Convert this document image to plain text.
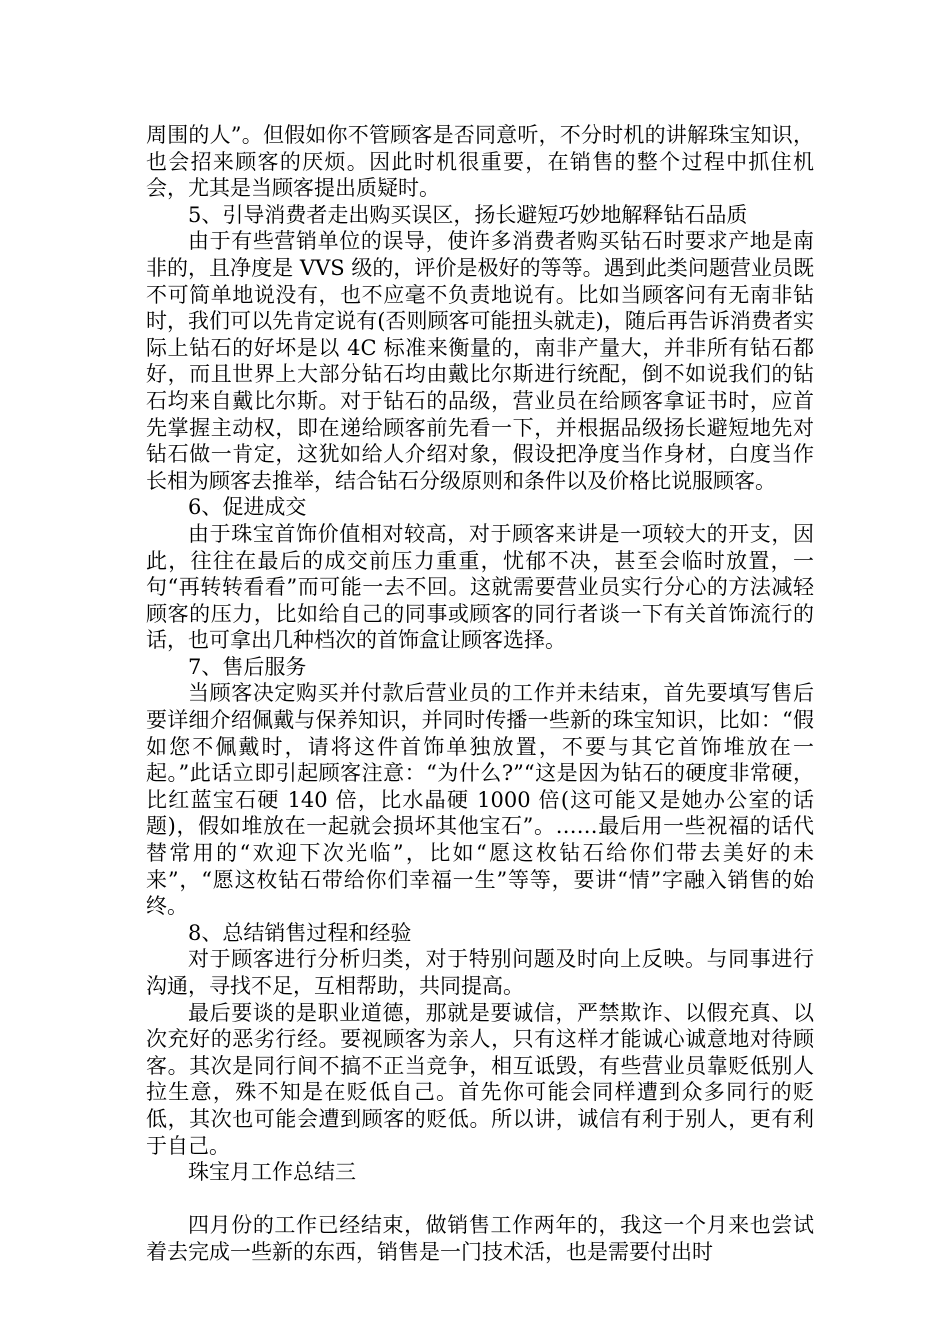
周围的人”。但假如你不管顾客是否同意听，不分时机的讲解珠宝知识，也会招来顾客的厌烦。因此时机很重要，在销售的整个过程中抓住机会，尤其是当顾客提出质疑时。

5、引导消费者走出购买误区，扬长避短巧妙地解释钻石品质

由于有些营销单位的误导，使许多消费者购买钻石时要求产地是南非的，且净度是 VVS 级的，评价是极好的等等。遇到此类问题营业员既不可简单地说没有，也不应毫不负责地说有。比如当顾客问有无南非钻时，我们可以先肯定说有(否则顾客可能扭头就走)，随后再告诉消费者实际上钻石的好坏是以 4C 标准来衡量的，南非产量大，并非所有钻石都好，而且世界上大部分钻石均由戴比尔斯进行统配，倒不如说我们的钻石均来自戴比尔斯。对于钻石的品级，营业员在给顾客拿证书时，应首先掌握主动权，即在递给顾客前先看一下，并根据品级扬长避短地先对钻石做一肯定，这犹如给人介绍对象，假设把净度当作身材，白度当作长相为顾客去推举，结合钻石分级原则和条件以及价格比说服顾客。

6、促进成交

由于珠宝首饰价值相对较高，对于顾客来讲是一项较大的开支，因此，往往在最后的成交前压力重重，忧郁不决，甚至会临时放置，一句“再转转看看”而可能一去不回。这就需要营业员实行分心的方法减轻顾客的压力，比如给自己的同事或顾客的同行者谈一下有关首饰流行的话，也可拿出几种档次的首饰盒让顾客选择。

7、售后服务

当顾客决定购买并付款后营业员的工作并未结束，首先要填写售后要详细介绍佩戴与保养知识，并同时传播一些新的珠宝知识，比如：“假如您不佩戴时，请将这件首饰单独放置，不要与其它首饰堆放在一起。”此话立即引起顾客注意：“为什么?”“这是因为钻石的硬度非常硬，比红蓝宝石硬 140 倍，比水晶硬 1000 倍(这可能又是她办公室的话题)，假如堆放在一起就会损坏其他宝石”。……最后用一些祝福的话代替常用的“欢迎下次光临”，比如“愿这枚钻石给你们带去美好的未来”，“愿这枚钻石带给你们幸福一生”等等，要讲“情”字融入销售的始终。

8、总结销售过程和经验

对于顾客进行分析归类，对于特别问题及时向上反映。与同事进行沟通，寻找不足，互相帮助，共同提高。

最后要谈的是职业道德，那就是要诚信，严禁欺诈、以假充真、以次充好的恶劣行经。要视顾客为亲人，只有这样才能诚心诚意地对待顾客。其次是同行间不搞不正当竞争，相互诋毁，有些营业员靠贬低别人拉生意，殊不知是在贬低自己。首先你可能会同样遭到众多同行的贬低，其次也可能会遭到顾客的贬低。所以讲，诚信有利于别人，更有利于自己。

珠宝月工作总结三

四月份的工作已经结束，做销售工作两年的，我这一个月来也尝试着去完成一些新的东西，销售是一门技术活，也是需要付出时
